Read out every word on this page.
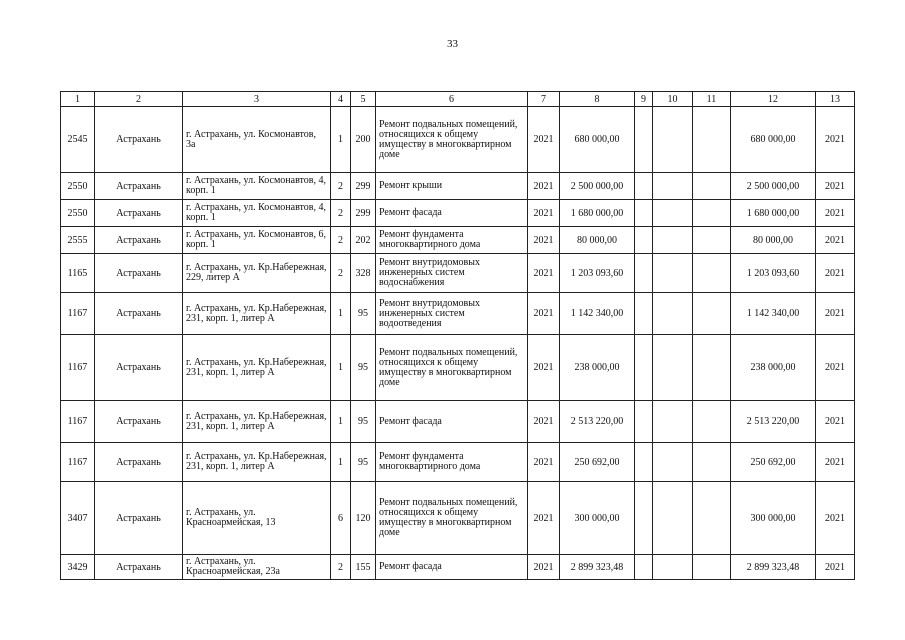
33
1	2	3	4	5	6	7	8	9	10	11	12	13
2545	Астрахань	г. Астрахань, ул. Космонавтов, 3а	1	200	Ремонт подвальных помещений, относящихся к общему имуществу в многоквартирном доме	2021	680 000,00				680 000,00	2021
2550	Астрахань	г. Астрахань, ул. Космонавтов, 4, корп. 1	2	299	Ремонт крыши	2021	2 500 000,00				2 500 000,00	2021
2550	Астрахань	г. Астрахань, ул. Космонавтов, 4, корп. 1	2	299	Ремонт фасада	2021	1 680 000,00				1 680 000,00	2021
2555	Астрахань	г. Астрахань, ул. Космонавтов, 6, корп. 1	2	202	Ремонт фундамента многоквартирного дома	2021	80 000,00				80 000,00	2021
1165	Астрахань	г. Астрахань, ул. Кр.Набережная, 229, литер А	2	328	Ремонт внутридомовых инженерных систем водоснабжения	2021	1 203 093,60				1 203 093,60	2021
1167	Астрахань	г. Астрахань, ул. Кр.Набережная, 231, корп. 1, литер А	1	95	Ремонт внутридомовых инженерных систем водоотведения	2021	1 142 340,00				1 142 340,00	2021
1167	Астрахань	г. Астрахань, ул. Кр.Набережная, 231, корп. 1, литер А	1	95	Ремонт подвальных помещений, относящихся к общему имуществу в многоквартирном доме	2021	238 000,00				238 000,00	2021
1167	Астрахань	г. Астрахань, ул. Кр.Набережная, 231, корп. 1, литер А	1	95	Ремонт фасада	2021	2 513 220,00				2 513 220,00	2021
1167	Астрахань	г. Астрахань, ул. Кр.Набережная, 231, корп. 1, литер А	1	95	Ремонт фундамента многоквартирного дома	2021	250 692,00				250 692,00	2021
3407	Астрахань	г. Астрахань, ул. Красноармейская, 13	6	120	Ремонт подвальных помещений, относящихся к общему имуществу в многоквартирном доме	2021	300 000,00				300 000,00	2021
3429	Астрахань	г. Астрахань, ул. Красноармейская, 23а	2	155	Ремонт фасада	2021	2 899 323,48				2 899 323,48	2021
